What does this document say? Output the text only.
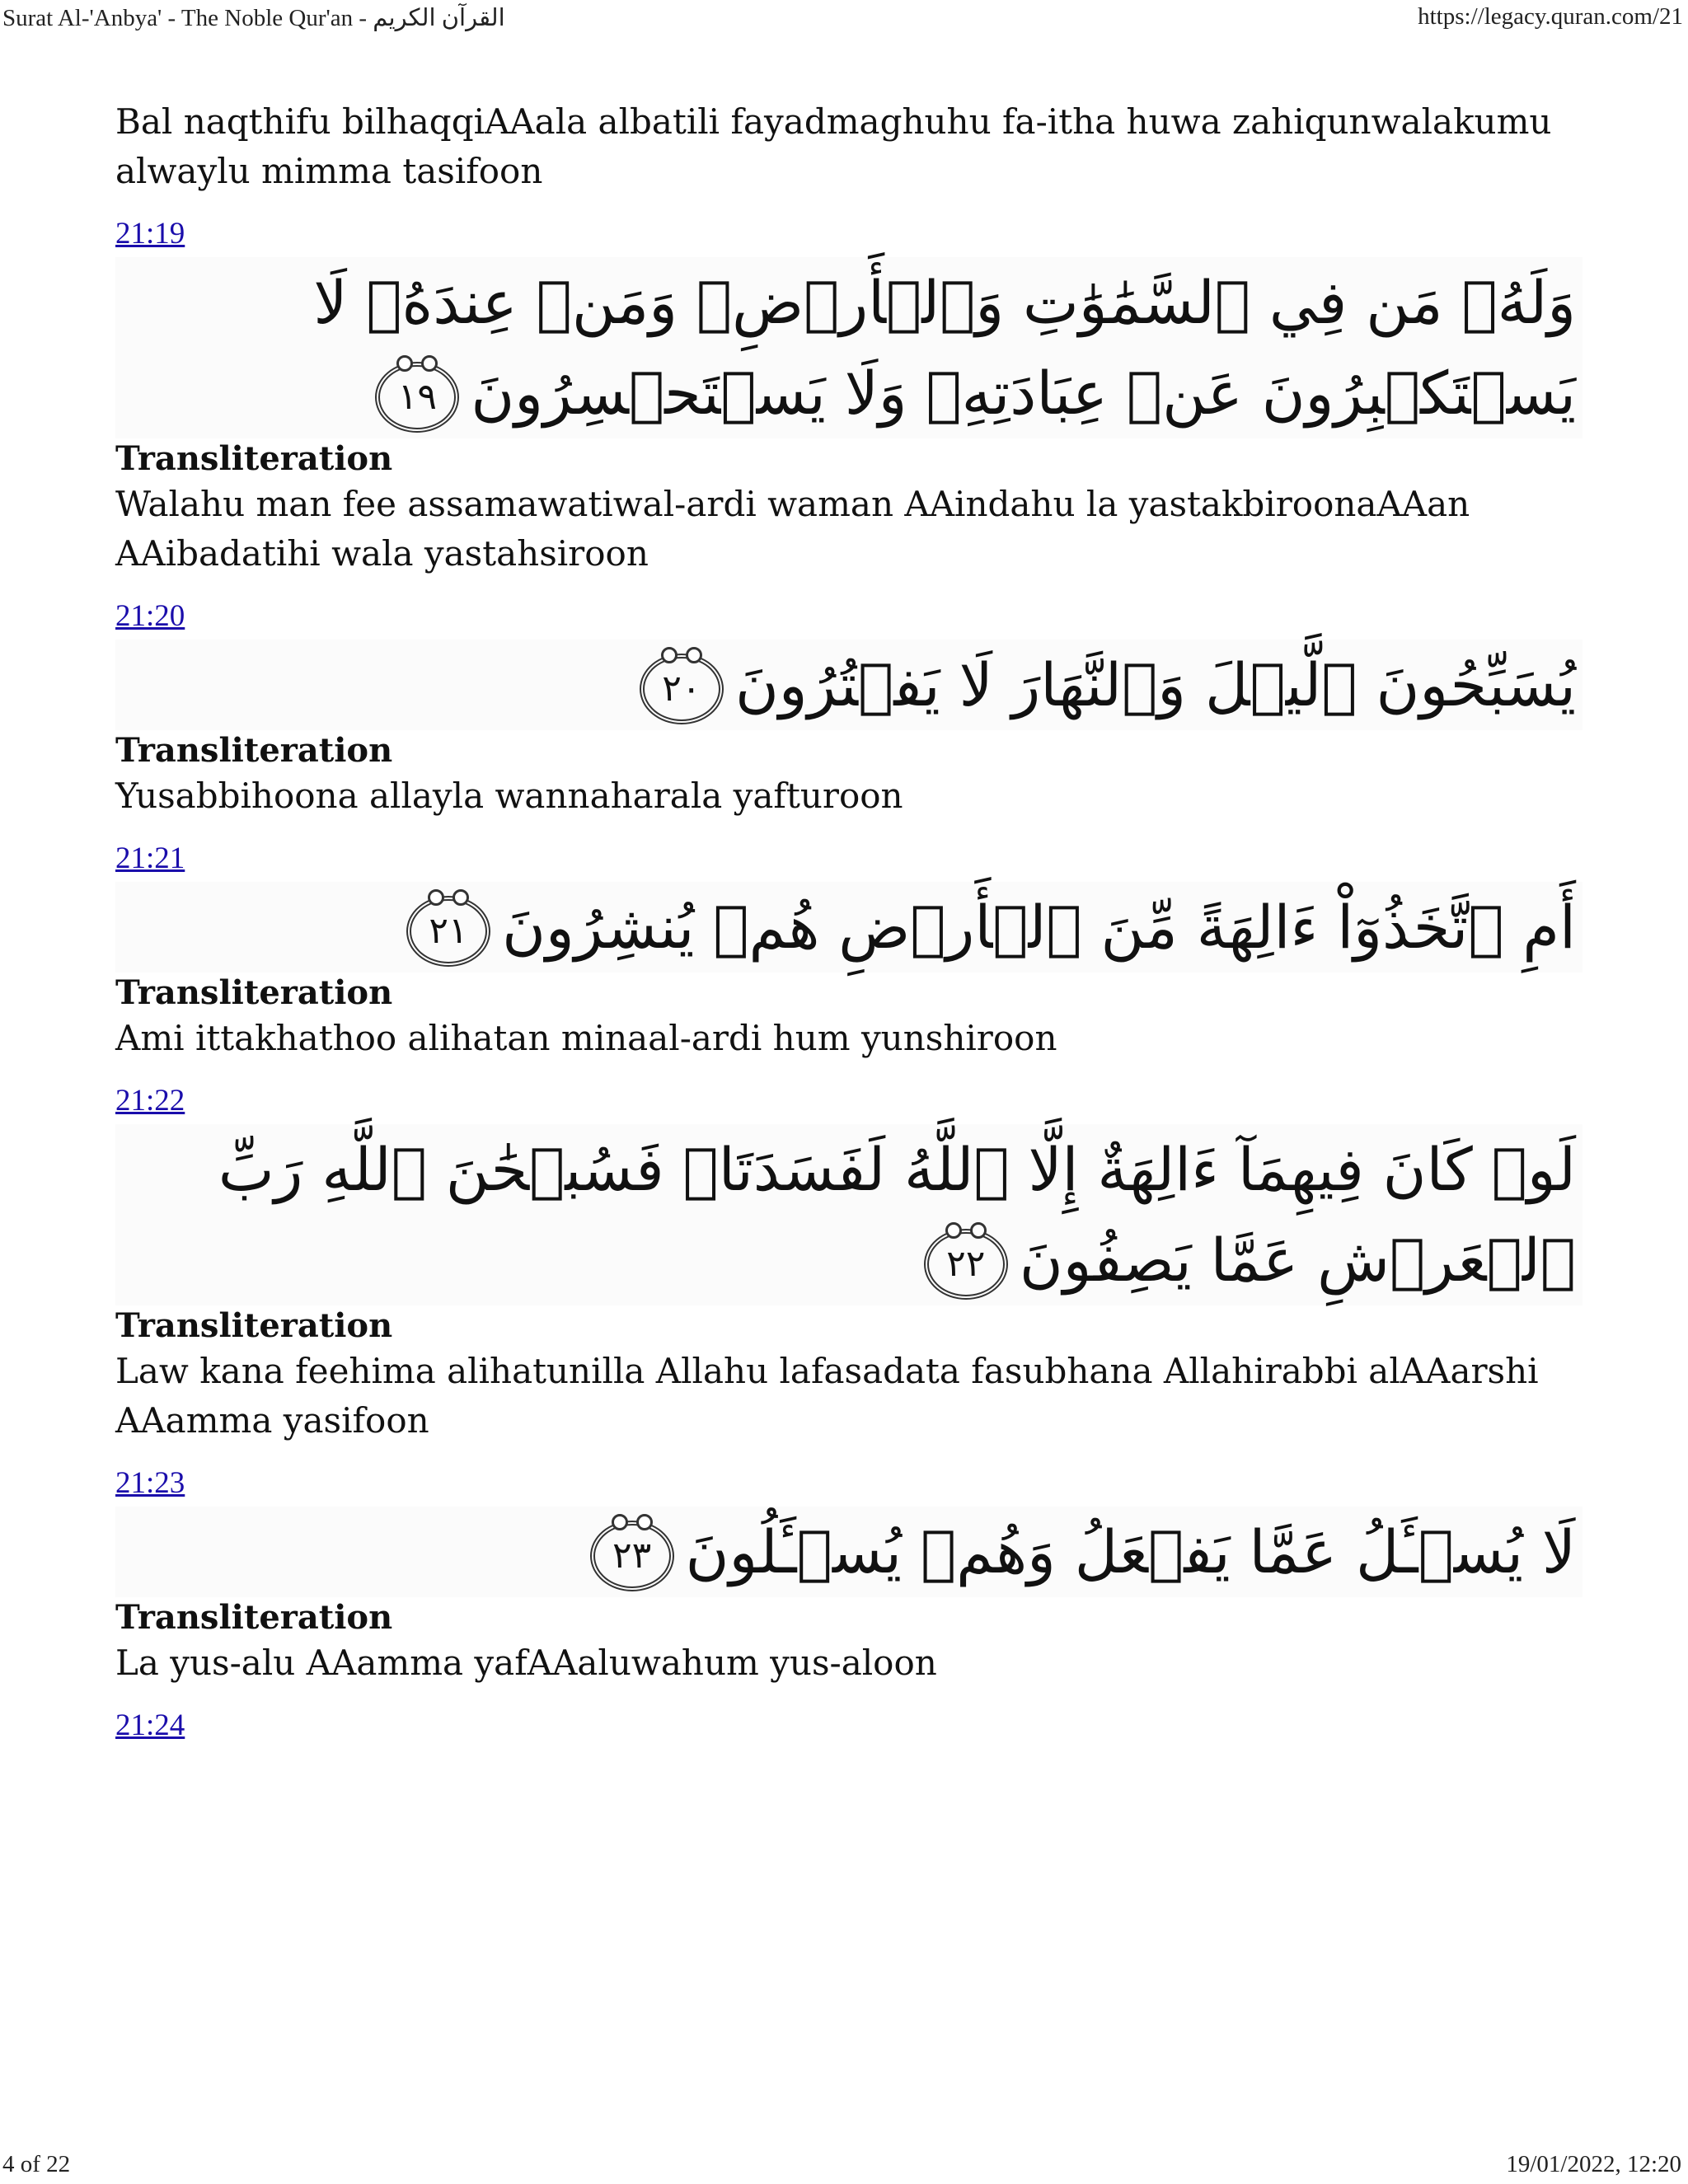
Surat Al-'Anbya' - The Noble Qur'an - القرآن الكريم	https://legacy.quran.com/21

Bal naqthifu bilhaqqiAAala albatili fayadmaghuhu fa-itha huwa zahiqunwalakumu alwaylu mimma tasifoon

21:19
وَلَهُۥ مَن فِي ٱلسَّمَٰوَٰتِ وَٱلۡأَرۡضِۚ وَمَنۡ عِندَهُۥ لَا يَسۡتَكۡبِرُونَ عَنۡ عِبَادَتِهِۦ وَلَا يَسۡتَحۡسِرُونَ١٩
Transliteration

Walahu man fee assamawatiwal-ardi waman AAindahu la yastakbiroonaAAan AAibadatihi wala yastahsiroon

21:20
يُسَبِّحُونَ ٱلَّيۡلَ وَٱلنَّهَارَ لَا يَفۡتُرُونَ٢٠
Transliteration

Yusabbihoona allayla wannaharala yafturoon

21:21
أَمِ ٱتَّخَذُوٓاْ ءَالِهَةً مِّنَ ٱلۡأَرۡضِ هُمۡ يُنشِرُونَ٢١
Transliteration

Ami ittakhathoo alihatan minaal-ardi hum yunshiroon

21:22
لَوۡ كَانَ فِيهِمَآ ءَالِهَةٌ إِلَّا ٱللَّهُ لَفَسَدَتَاۚ فَسُبۡحَٰنَ ٱللَّهِ رَبِّ ٱلۡعَرۡشِ عَمَّا يَصِفُونَ٢٢
Transliteration

Law kana feehima alihatunilla Allahu lafasadata fasubhana Allahirabbi alAAarshi AAamma yasifoon

21:23
لَا يُسۡـَٔلُ عَمَّا يَفۡعَلُ وَهُمۡ يُسۡـَٔلُونَ٢٣
Transliteration

La yus-alu AAamma yafAAaluwahum yus-aloon

21:24
4 of 22	19/01/2022, 12:20
